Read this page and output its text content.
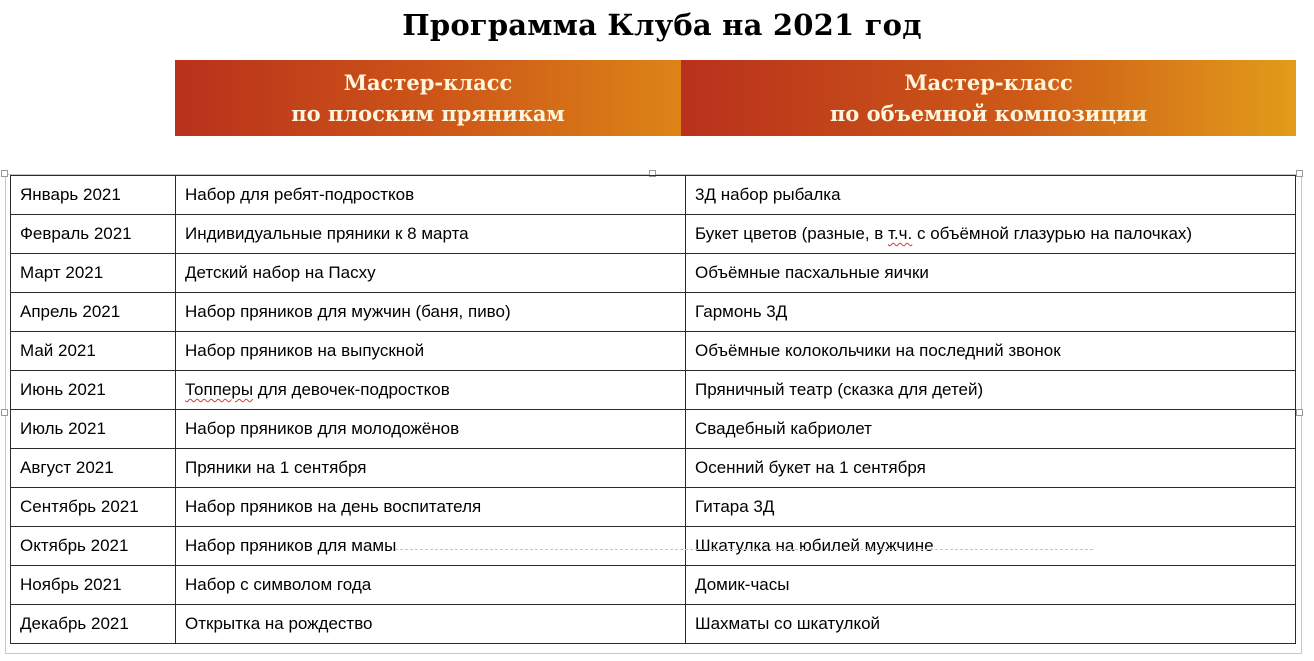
Программа Клуба на 2021 год
Мастер-класс
по плоским пряникам
Мастер-класс
по объемной композиции
Январь 2021	Набор для ребят-подростков	3Д набор рыбалка
Февраль 2021	Индивидуальные пряники к 8 марта	Букет цветов (разные, в т.ч. с объёмной глазурью на палочках)
Март 2021	Детский набор на Пасху	Объёмные пасхальные яички
Апрель 2021	Набор пряников для мужчин (баня, пиво)	Гармонь 3Д
Май 2021	Набор пряников на выпускной	Объёмные колокольчики на последний звонок
Июнь 2021	Топперы для девочек-подростков	Пряничный театр (сказка для детей)
Июль 2021	Набор пряников для молодожёнов	Свадебный кабриолет
Август 2021	Пряники на 1 сентября	Осенний букет на 1 сентября
Сентябрь 2021	Набор пряников на день воспитателя	Гитара 3Д
Октябрь 2021	Набор пряников для мамы	Шкатулка на юбилей мужчине
Ноябрь 2021	Набор с символом года	Домик-часы
Декабрь 2021	Открытка на рождество	Шахматы со шкатулкой
